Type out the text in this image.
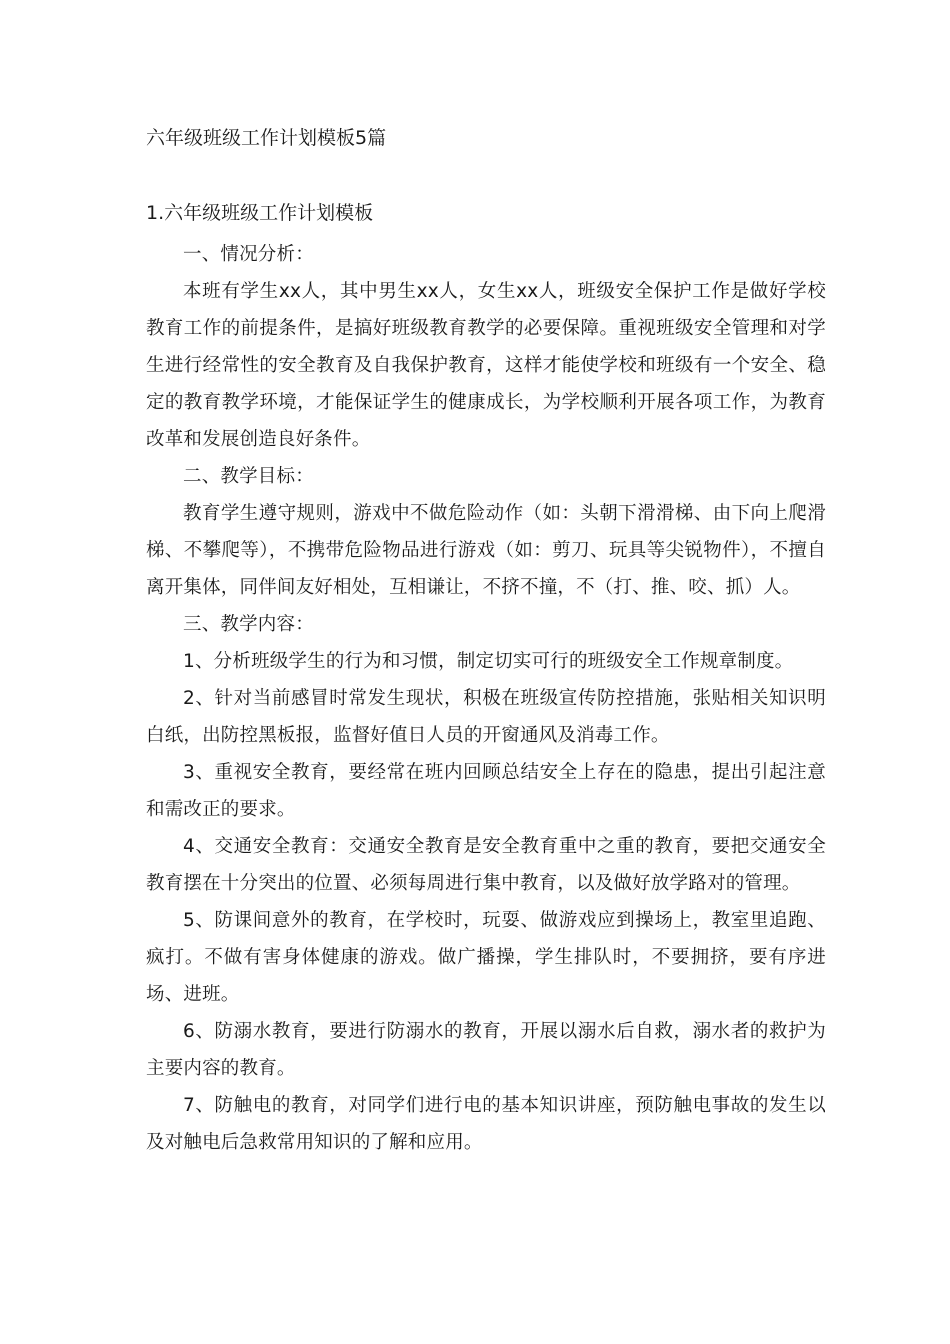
六年级班级工作计划模板5篇
1.六年级班级工作计划模板

一、情况分析：

本班有学生xx人，其中男生xx人，女生xx人，班级安全保护工作是做好学校教育工作的前提条件，是搞好班级教育教学的必要保障。重视班级安全管理和对学生进行经常性的安全教育及自我保护教育，这样才能使学校和班级有一个安全、稳定的教育教学环境，才能保证学生的健康成长，为学校顺利开展各项工作，为教育改革和发展创造良好条件。

二、教学目标：

教育学生遵守规则，游戏中不做危险动作（如：头朝下滑滑梯、由下向上爬滑梯、不攀爬等），不携带危险物品进行游戏（如：剪刀、玩具等尖锐物件），不擅自离开集体，同伴间友好相处，互相谦让，不挤不撞，不（打、推、咬、抓）人。

三、教学内容：

1、分析班级学生的行为和习惯，制定切实可行的班级安全工作规章制度。

2、针对当前感冒时常发生现状，积极在班级宣传防控措施，张贴相关知识明白纸，出防控黑板报，监督好值日人员的开窗通风及消毒工作。

3、重视安全教育，要经常在班内回顾总结安全上存在的隐患，提出引起注意和需改正的要求。

4、交通安全教育：交通安全教育是安全教育重中之重的教育，要把交通安全教育摆在十分突出的位置、必须每周进行集中教育，以及做好放学路对的管理。

5、防课间意外的教育，在学校时，玩耍、做游戏应到操场上，教室里追跑、疯打。不做有害身体健康的游戏。做广播操，学生排队时，不要拥挤，要有序进场、进班。

6、防溺水教育，要进行防溺水的教育，开展以溺水后自救，溺水者的救护为主要内容的教育。

7、防触电的教育，对同学们进行电的基本知识讲座，预防触电事故的发生以及对触电后急救常用知识的了解和应用。
